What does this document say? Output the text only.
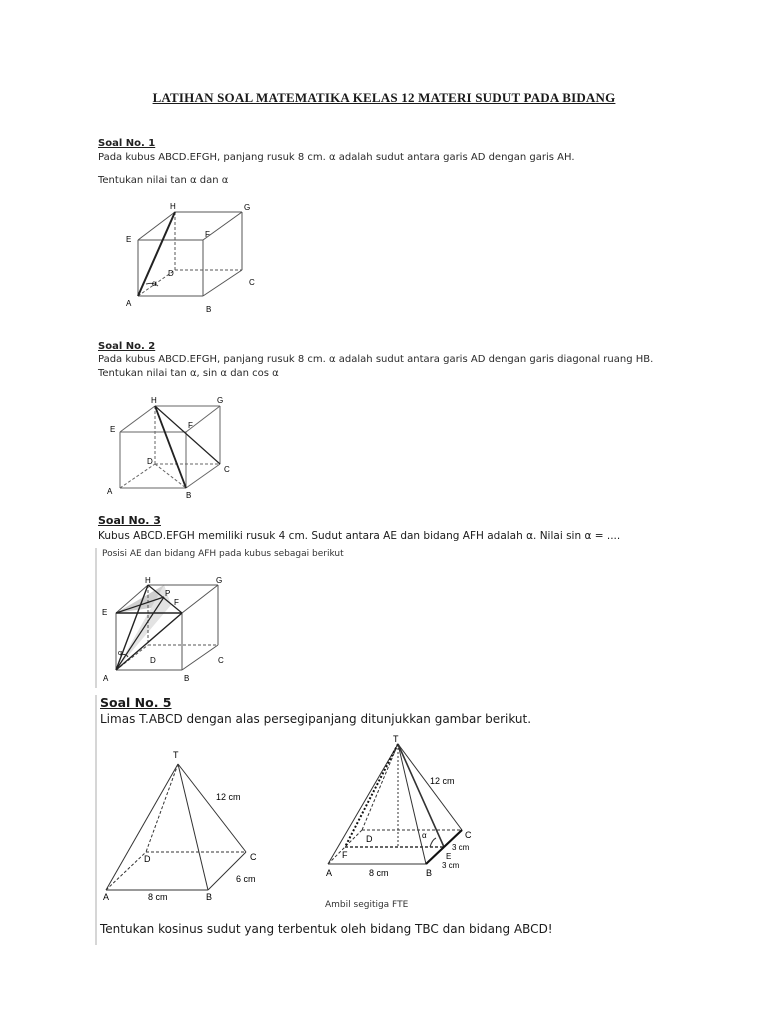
LATIHAN SOAL MATEMATIKA KELAS 12 MATERI SUDUT PADA BIDANG
Soal No. 1
Pada kubus ABCD.EFGH, panjang rusuk 8 cm. α adalah sudut antara garis AD dengan garis AH.
Tentukan nilai tan α dan α
A
B
C
D
E
F
G
H
α
Soal No. 2
Pada kubus ABCD.EFGH, panjang rusuk 8 cm. α adalah sudut antara garis AD dengan garis diagonal ruang HB.
Tentukan nilai tan α, sin α dan cos α
A	B
C
D
E	F
G
H
Soal No. 3
Kubus ABCD.EFGH memiliki rusuk 4 cm. Sudut antara AE dan bidang AFH adalah α. Nilai sin α = ....
Posisi AE dan bidang AFH pada kubus sebagai berikut
A	B
C
D
E
F
G
H
P
α
Soal No. 5
Limas T.ABCD dengan alas persegipanjang ditunjukkan gambar berikut.
T
A	B
C
D
12 cm
8 cm
6 cm
T
A	B
C
D
E
F
12 cm
8 cm
3 cm
3 cm
α
Ambil segitiga FTE
Tentukan kosinus sudut yang terbentuk oleh bidang TBC dan bidang ABCD!
